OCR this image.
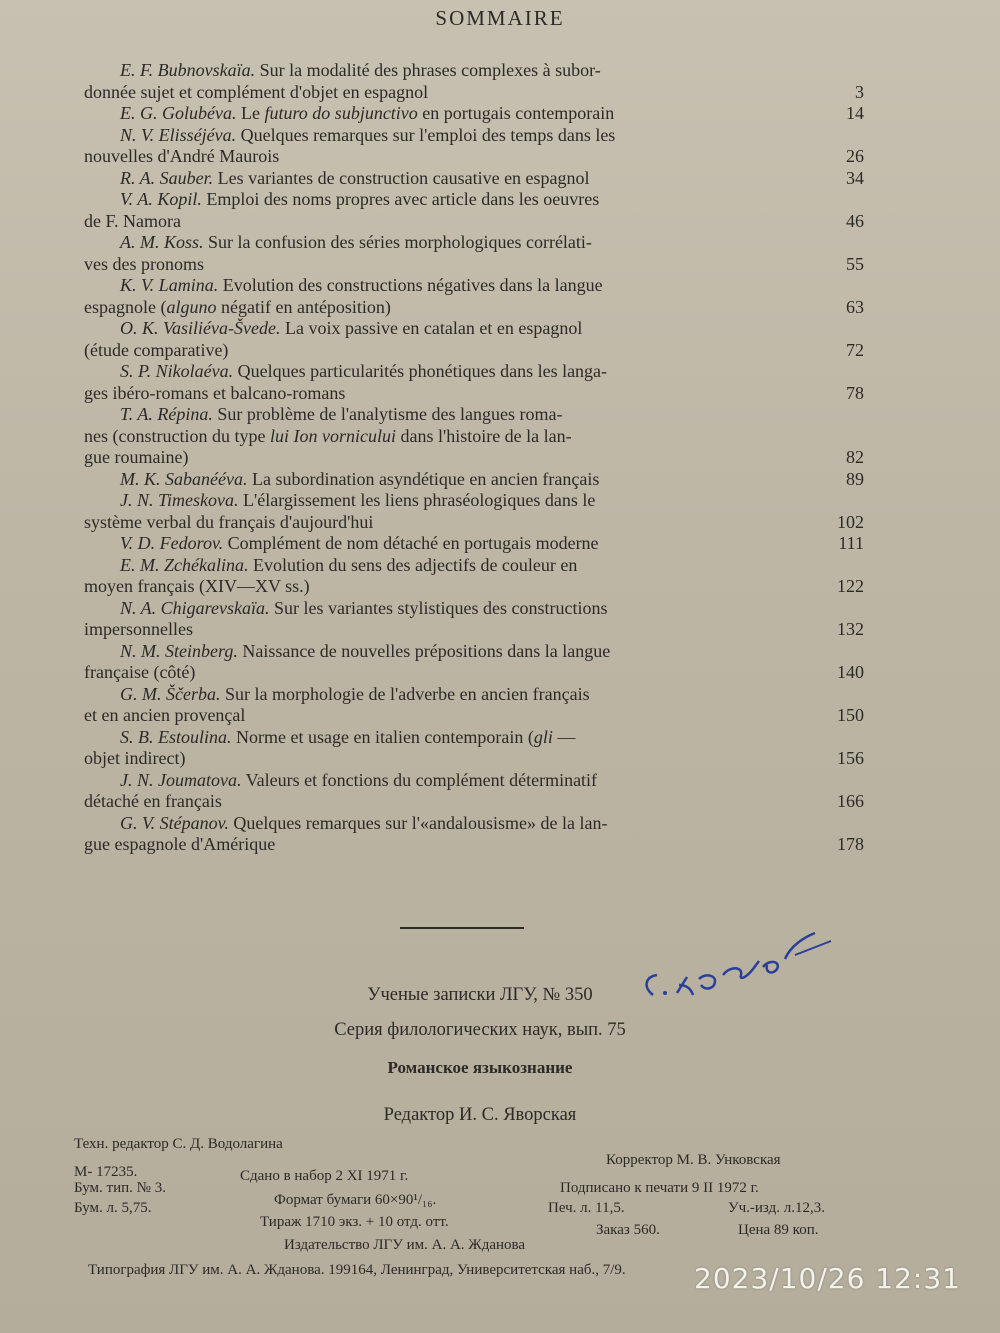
SOMMAIRE
E. F. Bubnovskaïa. Sur la modalité des phrases complexes à subor-
donnée sujet et complément d'objet en espagnol	3
E. G. Golubéva. Le futuro do subjunctivo en portugais contemporain	14
N. V. Elisséjéva. Quelques remarques sur l'emploi des temps dans les
nouvelles d'André Maurois	26
R. A. Sauber. Les variantes de construction causative en espagnol	34
V. A. Kopil. Emploi des noms propres avec article dans les oeuvres
de F. Namora	46
A. M. Koss. Sur la confusion des séries morphologiques corrélati-
ves des pronoms	55
K. V. Lamina. Evolution des constructions négatives dans la langue
espagnole (alguno négatif en antéposition)	63
O. K. Vasiliéva-Švede. La voix passive en catalan et en espagnol
(étude comparative)	72
S. P. Nikolaéva. Quelques particularités phonétiques dans les langa-
ges ibéro-romans et balcano-romans	78
T. A. Répina. Sur problème de l'analytisme des langues roma-
nes (construction du type lui Ion vornicului dans l'histoire de la lan-
gue roumaine)	82
M. K. Sabanééva. La subordination asyndétique en ancien français	89
J. N. Timeskova. L'élargissement les liens phraséologiques dans le
système verbal du français d'aujourd'hui	102
V. D. Fedorov. Complément de nom détaché en portugais moderne	111
E. M. Zchékalina. Evolution du sens des adjectifs de couleur en
moyen français (XIV—XV ss.)	122
N. A. Chigarevskaïa. Sur les variantes stylistiques des constructions
impersonnelles	132
N. M. Steinberg. Naissance de nouvelles prépositions dans la langue
française (côté)	140
G. M. Ščerba. Sur la morphologie de l'adverbe en ancien français
et en ancien provençal	150
S. B. Estoulina. Norme et usage en italien contemporain (gli —
objet indirect)	156
J. N. Joumatova. Valeurs et fonctions du complément déterminatif
détaché en français	166
G. V. Stépanov. Quelques remarques sur l'«andalousisme» de la lan-
gue espagnole d'Amérique	178
Ученые записки ЛГУ, № 350
Серия филологических наук, вып. 75
Романское языкознание
Редактор И. С. Яворская
Техн. редактор С. Д. Водолагина
Корректор М. В. Унковская
М- 17235.	Сдано в набор 2 XI 1971 г.
Подписано к печати 9 II 1972 г.
Бум. тип. № 3.
Формат бумаги 60×90¹/₁₆.	Печ. л. 11,5.	Уч.-изд. л.12,3.
Бум. л. 5,75.
Тираж 1710 экз. + 10 отд. отт.	Заказ 560.	Цена 89 коп.
Издательство ЛГУ им. А. А. Жданова
Типография ЛГУ им. А. А. Жданова. 199164, Ленинград, Университетская наб., 7/9. 2023/10/26 12:31
